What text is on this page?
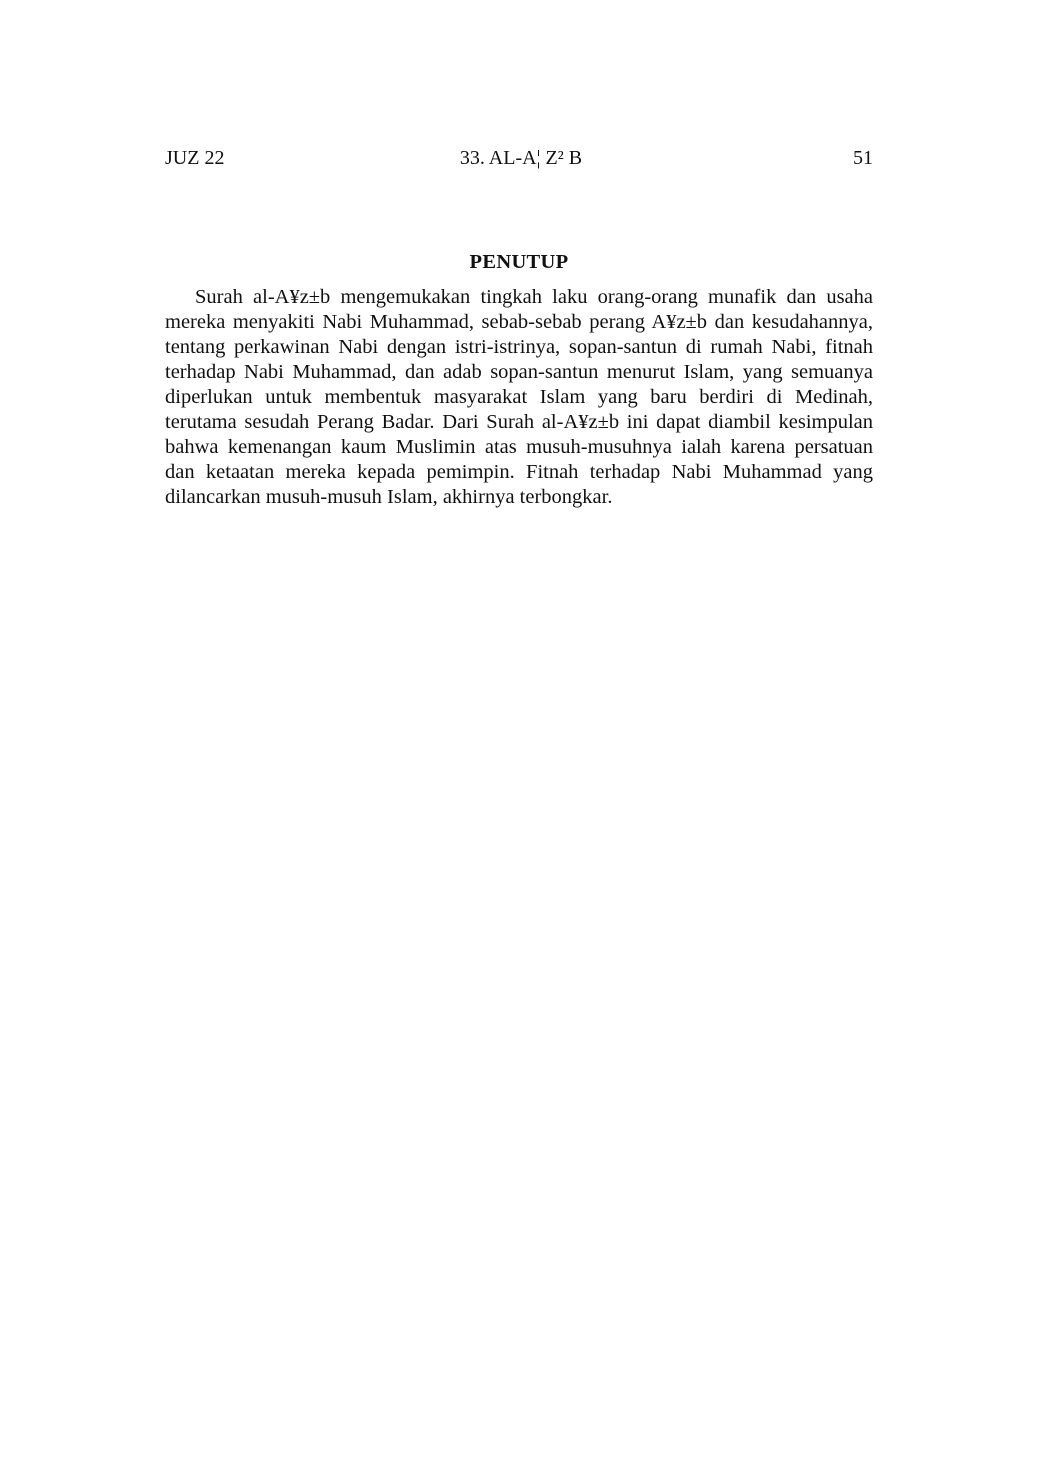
JUZ 22	33. AL-A¦ Z² B	51
PENUTUP

Surah al-A¥z±b mengemukakan tingkah laku orang-orang munafik dan usaha mereka menyakiti Nabi Muhammad, sebab-sebab perang A¥z±b dan kesudahannya, tentang perkawinan Nabi dengan istri-istrinya, sopan-santun di rumah Nabi, fitnah terhadap Nabi Muhammad, dan adab sopan-santun menurut Islam, yang semuanya diperlukan untuk membentuk masyarakat Islam yang baru berdiri di Medinah, terutama sesudah Perang Badar. Dari Surah al-A¥z±b ini dapat diambil kesimpulan bahwa kemenangan kaum Muslimin atas musuh-musuhnya ialah karena persatuan dan ketaatan mereka kepada pemimpin. Fitnah terhadap Nabi Muhammad yang dilancarkan musuh-musuh Islam, akhirnya terbongkar.
